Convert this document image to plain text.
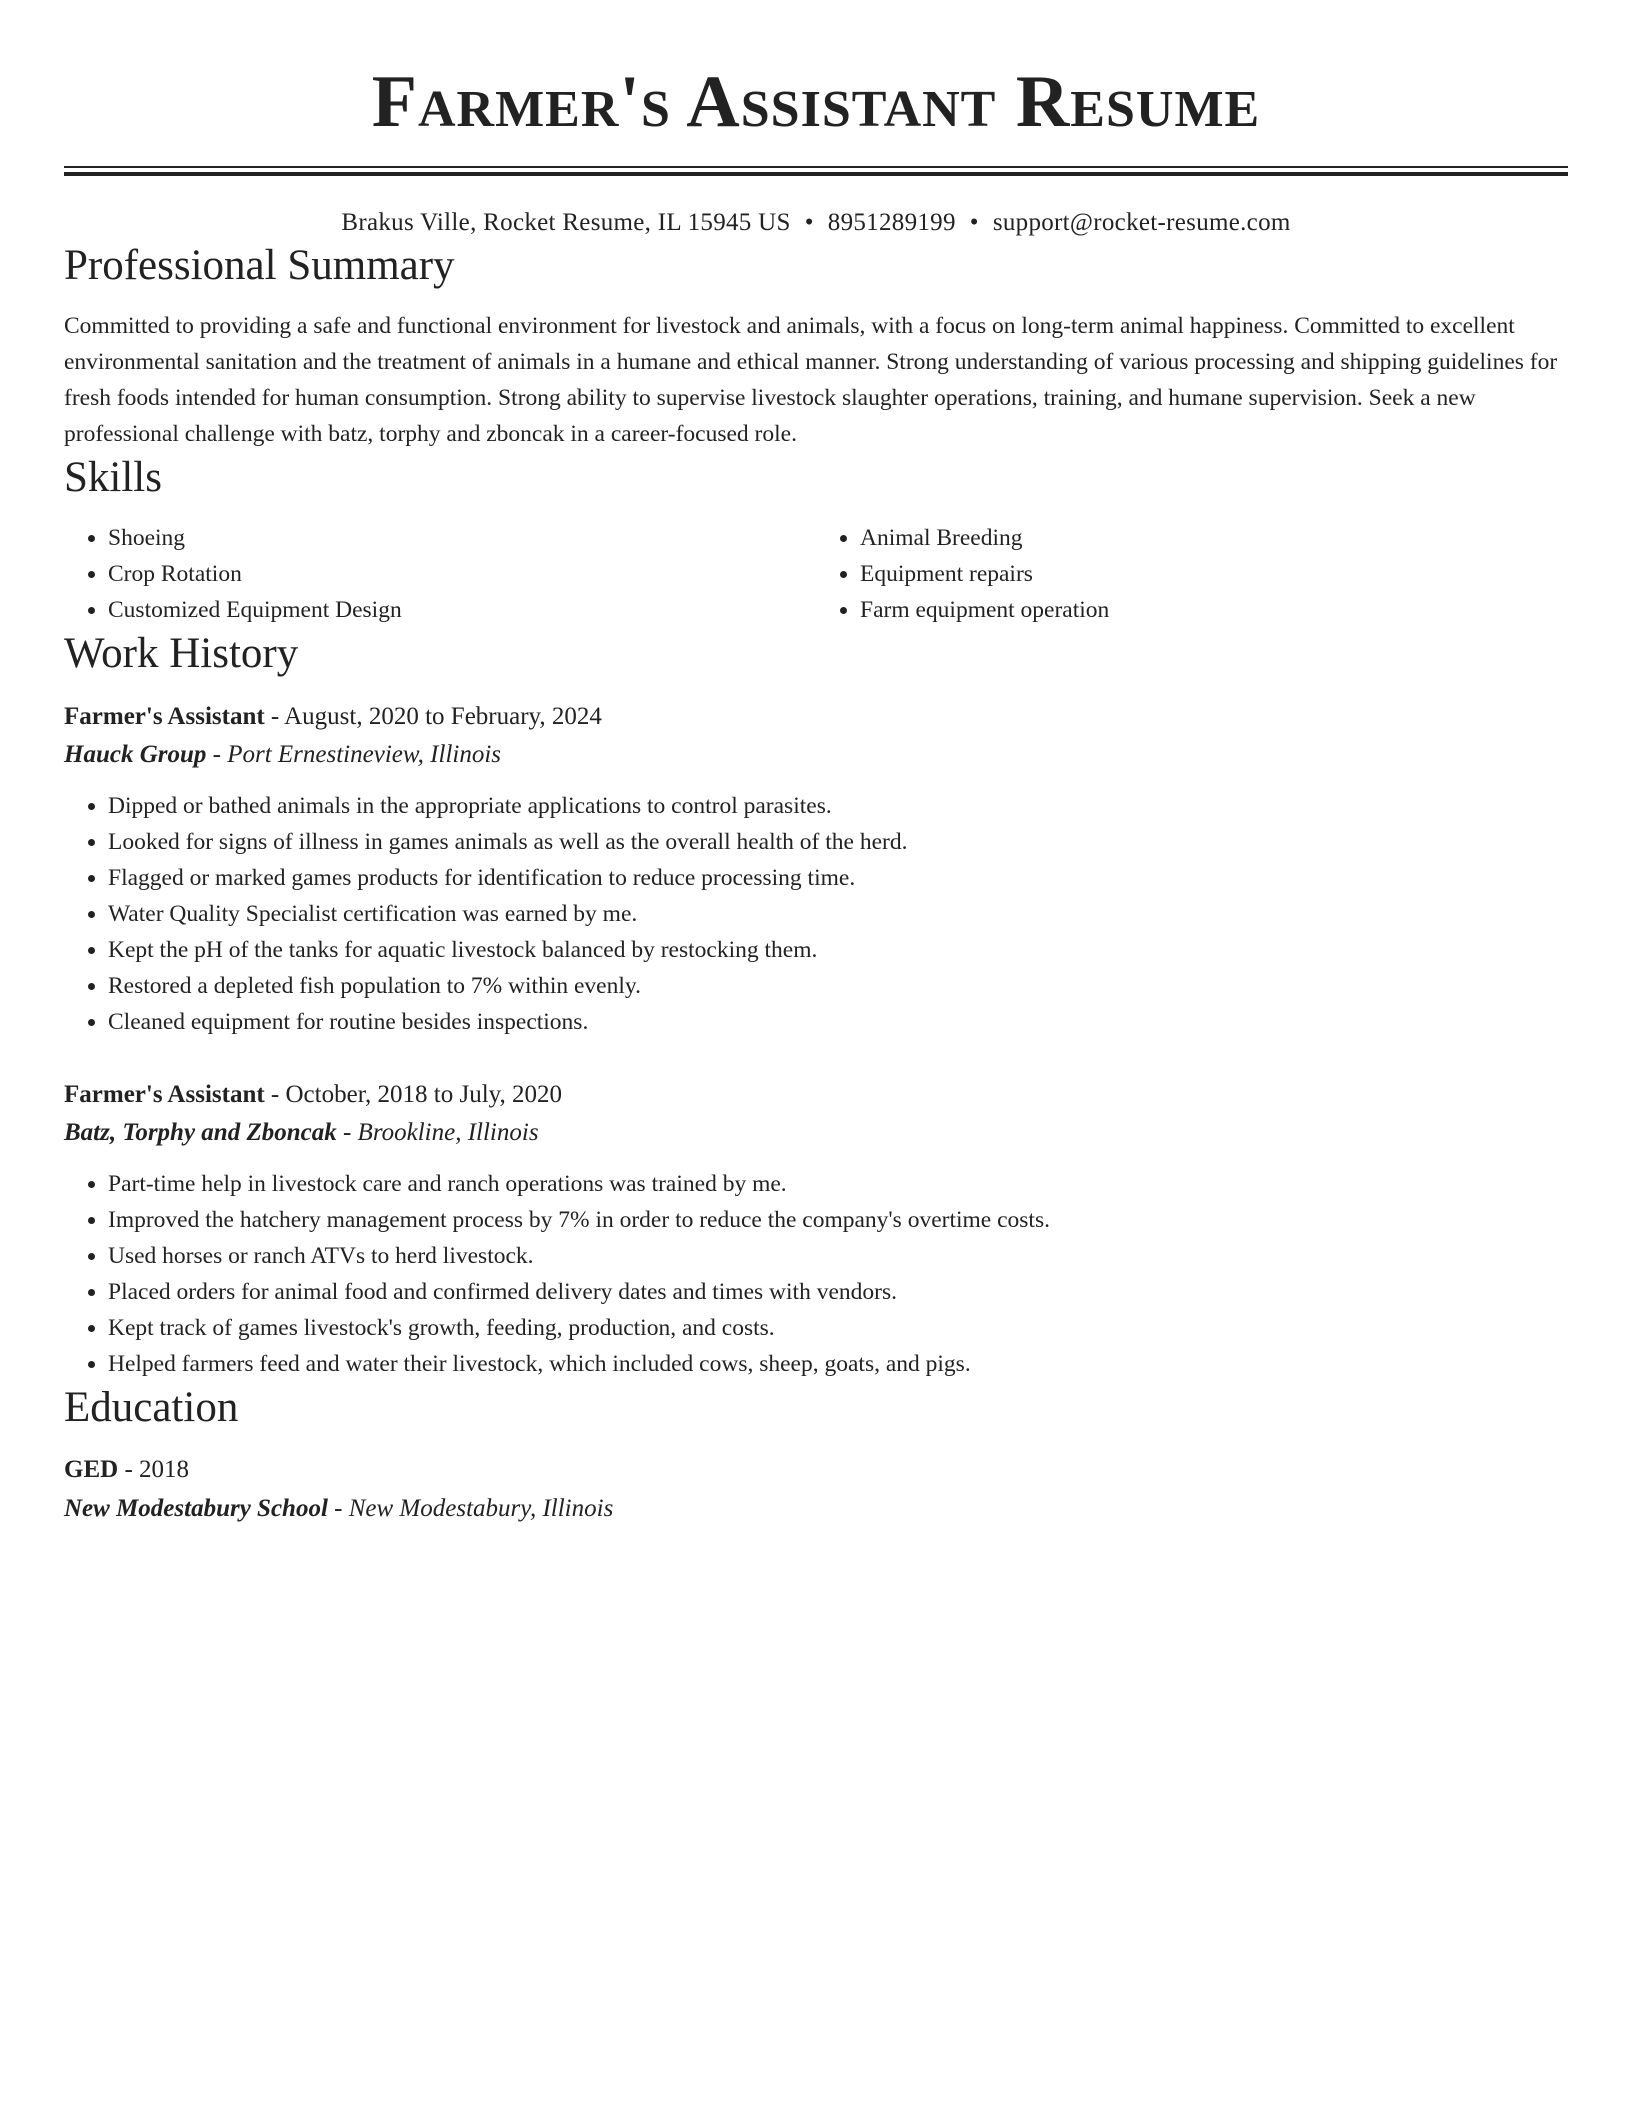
Farmer's Assistant Resume
Brakus Ville, Rocket Resume, IL 15945 US • 8951289199 • support@rocket-resume.com
Professional Summary

Committed to providing a safe and functional environment for livestock and animals, with a focus on long-term animal happiness. Committed to excellent environmental sanitation and the treatment of animals in a humane and ethical manner. Strong understanding of various processing and shipping guidelines for fresh foods intended for human consumption. Strong ability to supervise livestock slaughter operations, training, and humane supervision. Seek a new professional challenge with batz, torphy and zboncak in a career-focused role.

Skills
• Shoeing
• Crop Rotation
• Customized Equipment Design
• Animal Breeding
• Equipment repairs
• Farm equipment operation
Work History
Farmer's Assistant - August, 2020 to February, 2024
Hauck Group - Port Ernestineview, Illinois
• Dipped or bathed animals in the appropriate applications to control parasites.
• Looked for signs of illness in games animals as well as the overall health of the herd.
• Flagged or marked games products for identification to reduce processing time.
• Water Quality Specialist certification was earned by me.
• Kept the pH of the tanks for aquatic livestock balanced by restocking them.
• Restored a depleted fish population to 7% within evenly.
• Cleaned equipment for routine besides inspections.
Farmer's Assistant - October, 2018 to July, 2020
Batz, Torphy and Zboncak - Brookline, Illinois
• Part-time help in livestock care and ranch operations was trained by me.
• Improved the hatchery management process by 7% in order to reduce the company's overtime costs.
• Used horses or ranch ATVs to herd livestock.
• Placed orders for animal food and confirmed delivery dates and times with vendors.
• Kept track of games livestock's growth, feeding, production, and costs.
• Helped farmers feed and water their livestock, which included cows, sheep, goats, and pigs.
Education
GED - 2018
New Modestabury School - New Modestabury, Illinois
